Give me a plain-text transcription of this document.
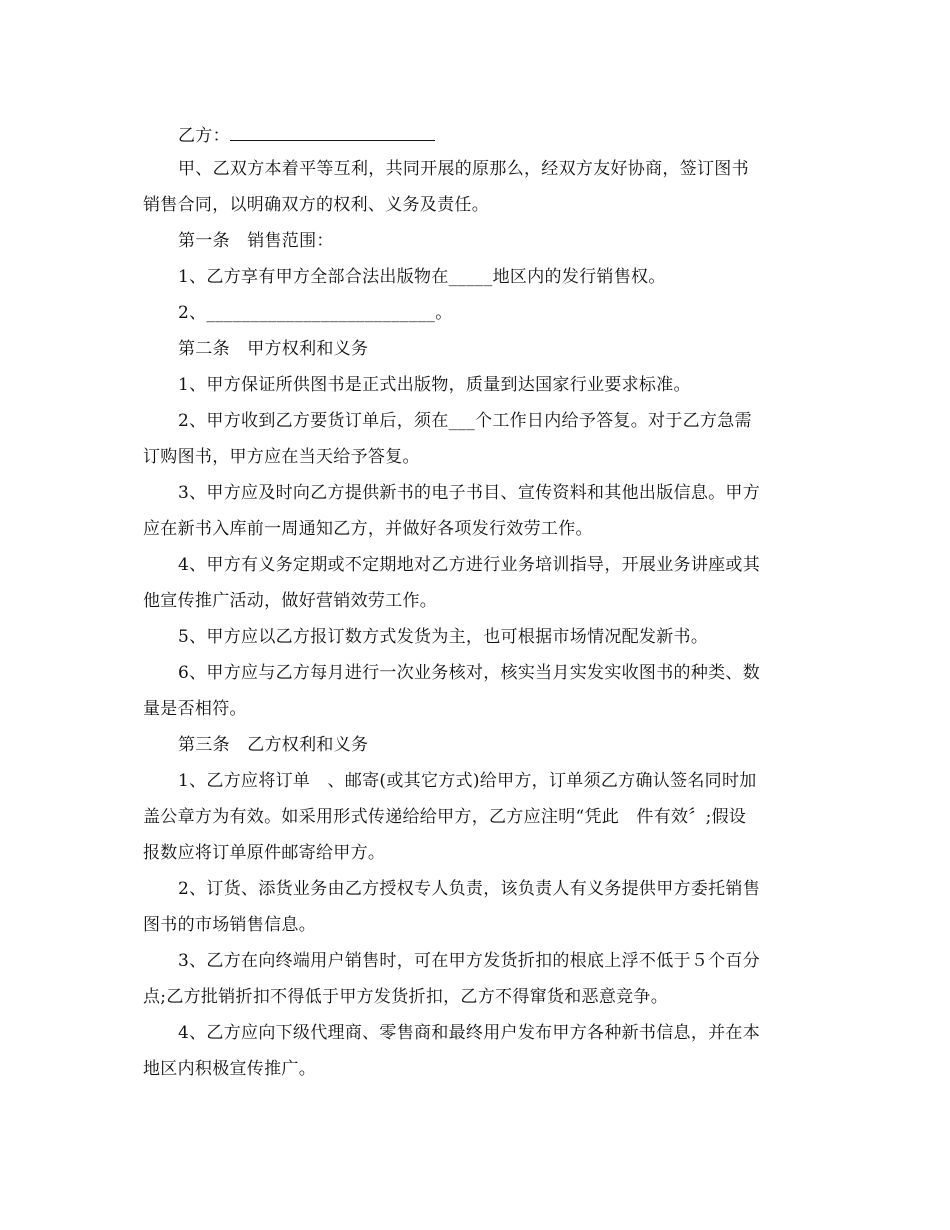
乙方：
甲、乙双方本着平等互利，共同开展的原那么，经双方友好协商，签订图书
销售合同，以明确双方的权利、义务及责任。
第一条　销售范围：
1、乙方享有甲方全部合法出版物在_____地区内的发行销售权。
2、__________________________。
第二条　甲方权利和义务
1、甲方保证所供图书是正式出版物，质量到达国家行业要求标准。
2、甲方收到乙方要货订单后，须在___个工作日内给予答复。对于乙方急需
订购图书，甲方应在当天给予答复。
3、甲方应及时向乙方提供新书的电子书目、宣传资料和其他出版信息。甲方
应在新书入库前一周通知乙方，并做好各项发行效劳工作。
4、甲方有义务定期或不定期地对乙方进行业务培训指导，开展业务讲座或其
他宣传推广活动，做好营销效劳工作。
5、甲方应以乙方报订数方式发货为主，也可根据市场情况配发新书。
6、甲方应与乙方每月进行一次业务核对，核实当月实发实收图书的种类、数
量是否相符。
第三条　乙方权利和义务
1、乙方应将订单　、邮寄(或其它方式)给甲方，订单须乙方确认签名同时加
盖公章方为有效。如采用形式传递给给甲方，乙方应注明“凭此　件有效〞;假设
报数应将订单原件邮寄给甲方。
2、订货、添货业务由乙方授权专人负责，该负责人有义务提供甲方委托销售
图书的市场销售信息。
3、乙方在向终端用户销售时，可在甲方发货折扣的根底上浮不低于５个百分
点;乙方批销折扣不得低于甲方发货折扣，乙方不得窜货和恶意竞争。
4、乙方应向下级代理商、零售商和最终用户发布甲方各种新书信息，并在本
地区内积极宣传推广。
